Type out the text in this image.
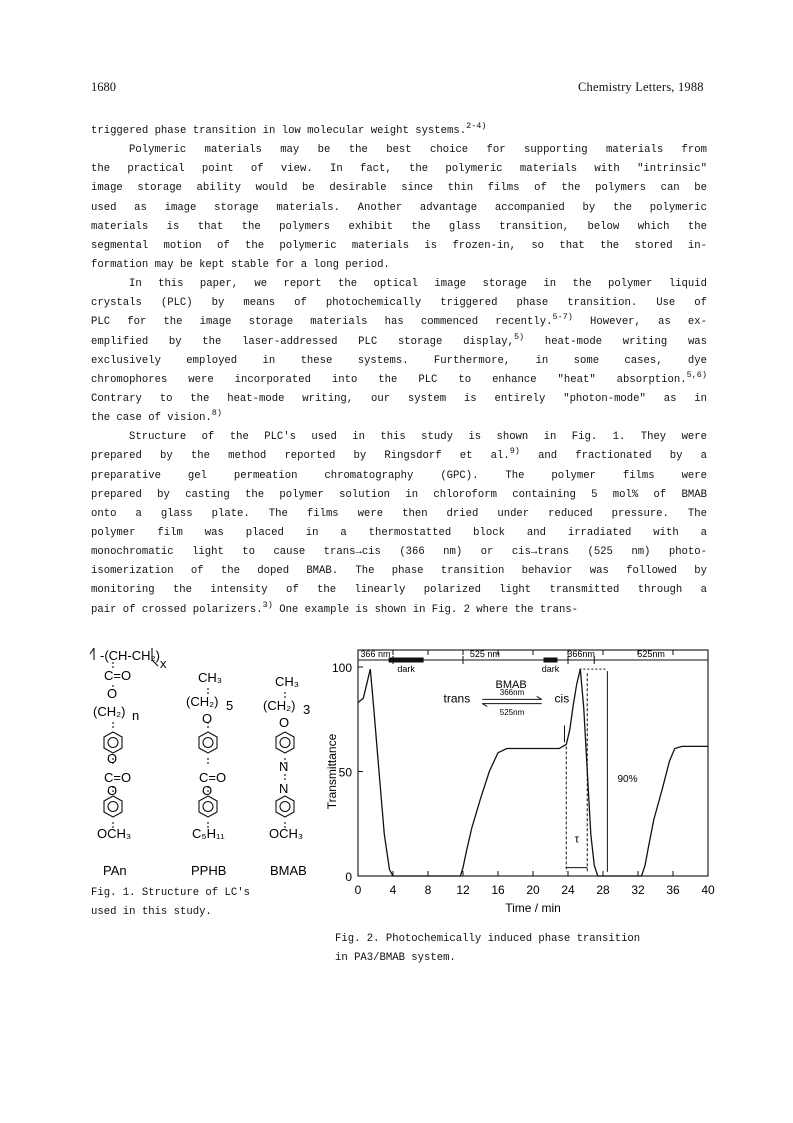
1680	Chemistry Letters, 1988
triggered phase transition in low molecular weight systems.$^{2-4)}$
Polymeric materials may be the best choice for supporting materials from
the practical point of view. In fact, the polymeric materials with "intrinsic"
image storage ability would be desirable since thin films of the polymers can be
used as image storage materials. Another advantage accompanied by the polymeric
materials is that the polymers exhibit the glass transition, below which the
segmental motion of the polymeric materials is frozen-in, so that the stored in-
formation may be kept stable for a long period.
In this paper, we report the optical image storage in the polymer liquid
crystals (PLC) by means of photochemically triggered phase transition. Use of
PLC for the image storage materials has commenced recently.$^{5-7)}$ However, as ex-
emplified by the laser-addressed PLC storage display,$^{5)}$ heat-mode writing was
exclusively employed in these systems. Furthermore, in some cases, dye
chromophores were incorporated into the PLC to enhance "heat" absorption.$^{5,6)}$
Contrary to the heat-mode writing, our system is entirely "photon-mode" as in
the case of vision.$^{8)}$
Structure of the PLC's used in this study is shown in Fig. 1. They were
prepared by the method reported by Ringsdorf et al.$^{9)}$ and fractionated by a
preparative gel permeation chromatography (GPC). The polymer films were
prepared by casting the polymer solution in chloroform containing 5 mol% of BMAB
onto a glass plate. The films were then dried under reduced pressure. The
polymer film was placed in a thermostatted block and irradiated with a
monochromatic light to cause trans→cis (366 nm) or cis→trans (525 nm) photo-
isomerization of the doped BMAB. The phase transition behavior was followed by
monitoring the intensity of the linearly polarized light transmitted through a
pair of crossed polarizers.$^{3)}$ One example is shown in Fig. 2 where the trans-
-(CH-CH₂)
x
C=O
O
(CH₂) n
O
C=O
O
OCH₃
PAn
CH₃
(CH₂) 5
O
C=O
O
C₅H₁₁
PPHB
CH₃
(CH₂) 3
O
N
N
OCH₃
BMAB
Fig. 1. Structure of LC's
used in this study.
0 4 8 12 16 20 24 28 32 36 40
0
50
100
Time / min
Transmittance
366 nm	525 nm	366nm	525nm
dark	dark
BMAB
trans	cis
366nm
525nm
90%
τ
Fig. 2. Photochemically induced phase transition
in PA3/BMAB system.
